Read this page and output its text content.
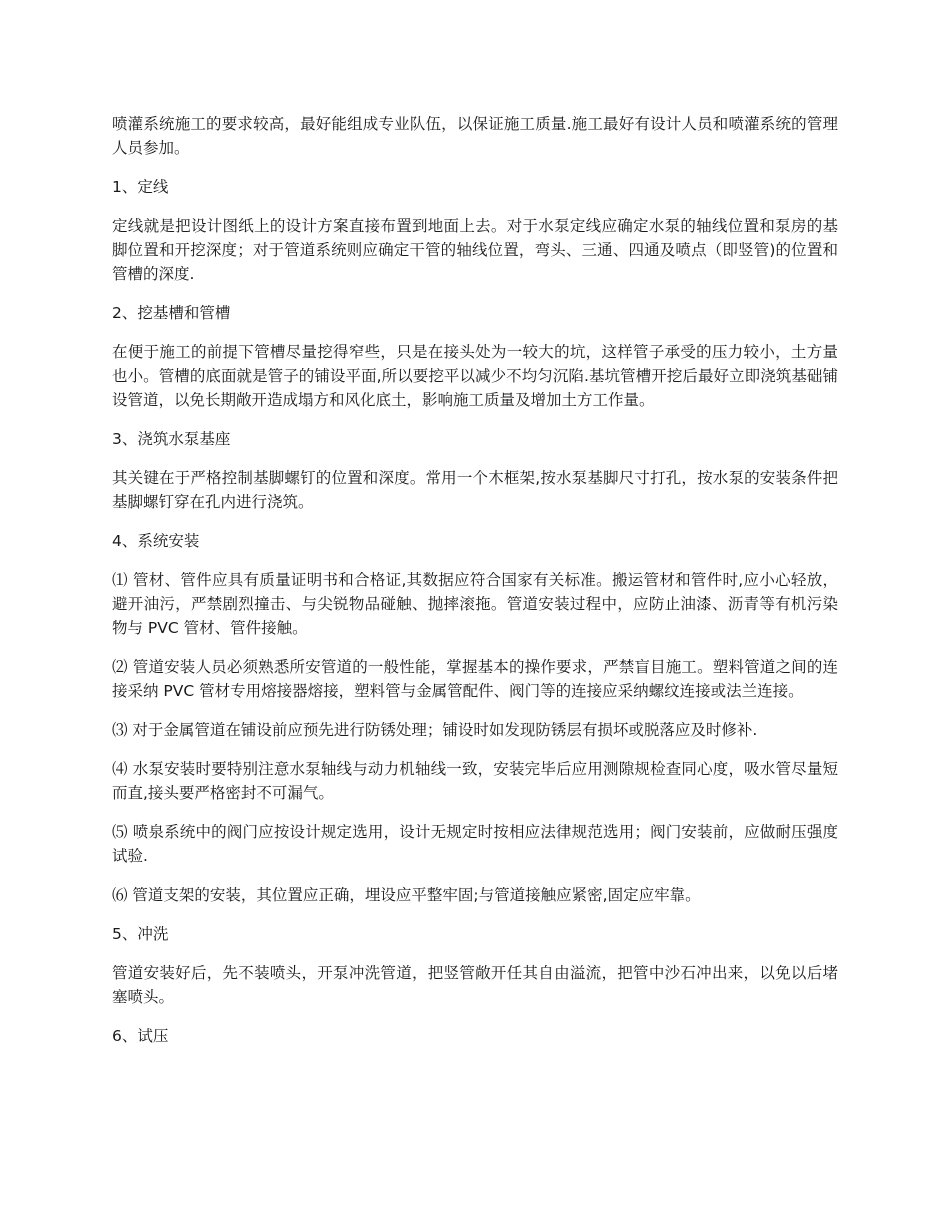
喷灌系统施工的要求较高，最好能组成专业队伍，以保证施工质量.施工最好有设计人员和喷灌系统的管理人员参加。

1、定线

定线就是把设计图纸上的设计方案直接布置到地面上去。对于水泵定线应确定水泵的轴线位置和泵房的基脚位置和开挖深度；对于管道系统则应确定干管的轴线位置，弯头、三通、四通及喷点（即竖管)的位置和管槽的深度.

2、挖基槽和管槽

在便于施工的前提下管槽尽量挖得窄些，只是在接头处为一较大的坑，这样管子承受的压力较小，土方量也小。管槽的底面就是管子的铺设平面,所以要挖平以减少不均匀沉陷.基坑管槽开挖后最好立即浇筑基础铺设管道，以免长期敞开造成塌方和风化底土，影响施工质量及增加土方工作量。

3、浇筑水泵基座

其关键在于严格控制基脚螺钉的位置和深度。常用一个木框架,按水泵基脚尺寸打孔，按水泵的安装条件把基脚螺钉穿在孔内进行浇筑。

4、系统安装

⑴ 管材、管件应具有质量证明书和合格证,其数据应符合国家有关标准。搬运管材和管件时,应小心轻放，避开油污，严禁剧烈撞击、与尖锐物品碰触、抛摔滚拖。管道安装过程中，应防止油漆、沥青等有机污染物与 PVC 管材、管件接触。

⑵ 管道安装人员必须熟悉所安管道的一般性能，掌握基本的操作要求，严禁盲目施工。塑料管道之间的连接采纳 PVC 管材专用熔接器熔接，塑料管与金属管配件、阀门等的连接应采纳螺纹连接或法兰连接。

⑶ 对于金属管道在铺设前应预先进行防锈处理；铺设时如发现防锈层有损坏或脱落应及时修补.

⑷ 水泵安装时要特别注意水泵轴线与动力机轴线一致，安装完毕后应用测隙规检查同心度，吸水管尽量短而直,接头要严格密封不可漏气。

⑸ 喷泉系统中的阀门应按设计规定选用，设计无规定时按相应法律规范选用；阀门安装前，应做耐压强度试验.

⑹ 管道支架的安装，其位置应正确，埋设应平整牢固;与管道接触应紧密,固定应牢靠。

5、冲洗

管道安装好后，先不装喷头，开泵冲洗管道，把竖管敞开任其自由溢流，把管中沙石冲出来，以免以后堵塞喷头。

6、试压
